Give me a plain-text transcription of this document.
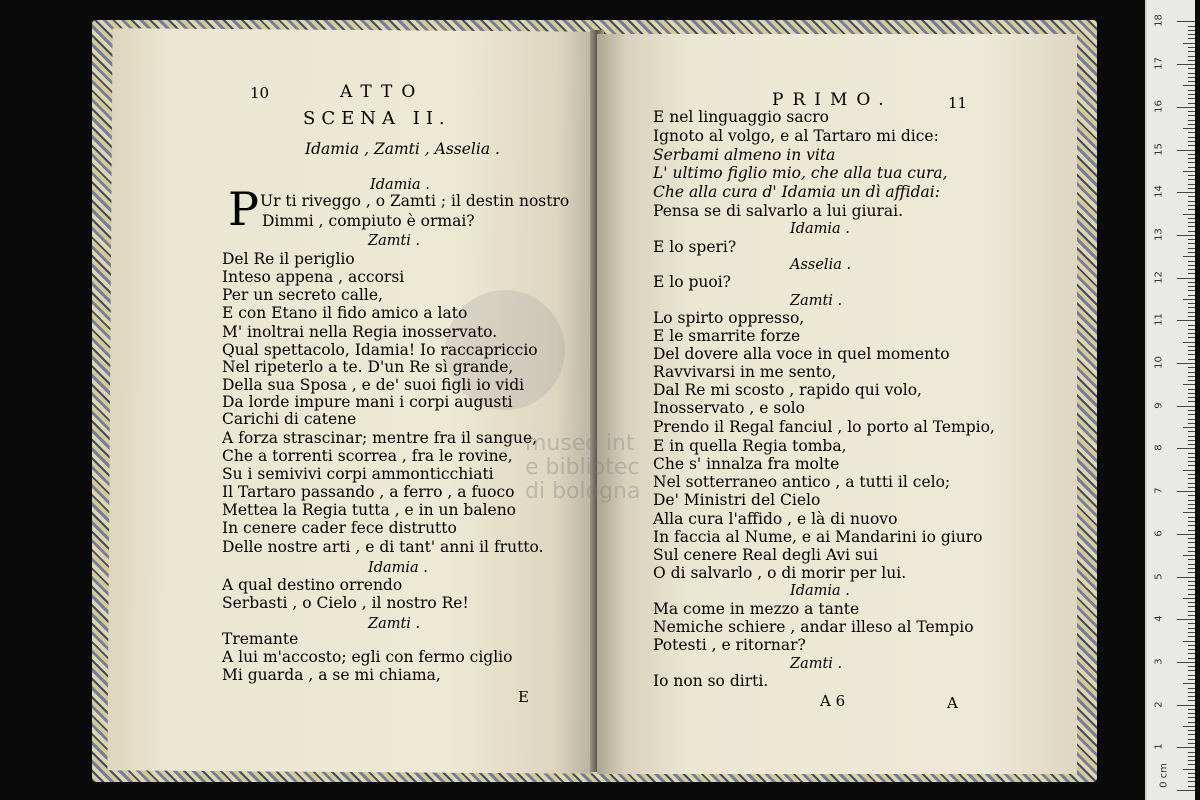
museo int
e bibliotec
di bologna
0 cm
1
2
3
4
5
6
7
8
9
10
11
12
13
14
15
16
17
18
10	ATTO
SCENA II.
Idamia , Zamti , Asselia .
P	Idamia .
Ur ti riveggo , o Zamti ; il destin nostro
Dimmi , compiuto è ormai?
Zamti .
Del Re il periglio
Inteso appena , accorsi
Per un secreto calle,
E con Etano il fido amico a lato
M' inoltrai nella Regia inosservato.
Qual spettacolo, Idamia! Io raccapriccio
Nel ripeterlo a te. D'un Re sì grande,
Della sua Sposa , e de' suoi figli io vidi
Da lorde impure mani i corpi augusti
Carichi di catene
A forza strascinar; mentre fra il sangue,
Che a torrenti scorrea , fra le rovine,
Su i semivivi corpi ammonticchiati
Il Tartaro passando , a ferro , a fuoco
Mettea la Regia tutta , e in un baleno
In cenere cader fece distrutto
Delle nostre arti , e di tant' anni il frutto.
Idamia .
A qual destino orrendo
Serbasti , o Cielo , il nostro Re!
Zamti .
Tremante
A lui m'accosto; egli con fermo ciglio
Mi guarda , a se mi chiama,
E
PRIMO.	11
E nel linguaggio sacro
Ignoto al volgo, e al Tartaro mi dice:
Serbami almeno in vita
L' ultimo figlio mio, che alla tua cura,
Che alla cura d' Idamia un dì affidai:
Pensa se di salvarlo a lui giurai.
Idamia .
E lo speri?
Asselia .
E lo puoi?
Zamti .
Lo spirto oppresso,
E le smarrite forze
Del dovere alla voce in quel momento
Ravvivarsi in me sento,
Dal Re mi scosto , rapido qui volo,
Inosservato , e solo
Prendo il Regal fanciul , lo porto al Tempio,
E in quella Regia tomba,
Che s' innalza fra molte
Nel sotterraneo antico , a tutti il celo;
De' Ministri del Cielo
Alla cura l'affido , e là di nuovo
In faccia al Nume, e ai Mandarini io giuro
Sul cenere Real degli Avi sui
O di salvarlo , o di morir per lui.
Idamia .
Ma come in mezzo a tante
Nemiche schiere , andar illeso al Tempio
Potesti , e ritornar?
Zamti .
Io non so dirti.
A 6	A
